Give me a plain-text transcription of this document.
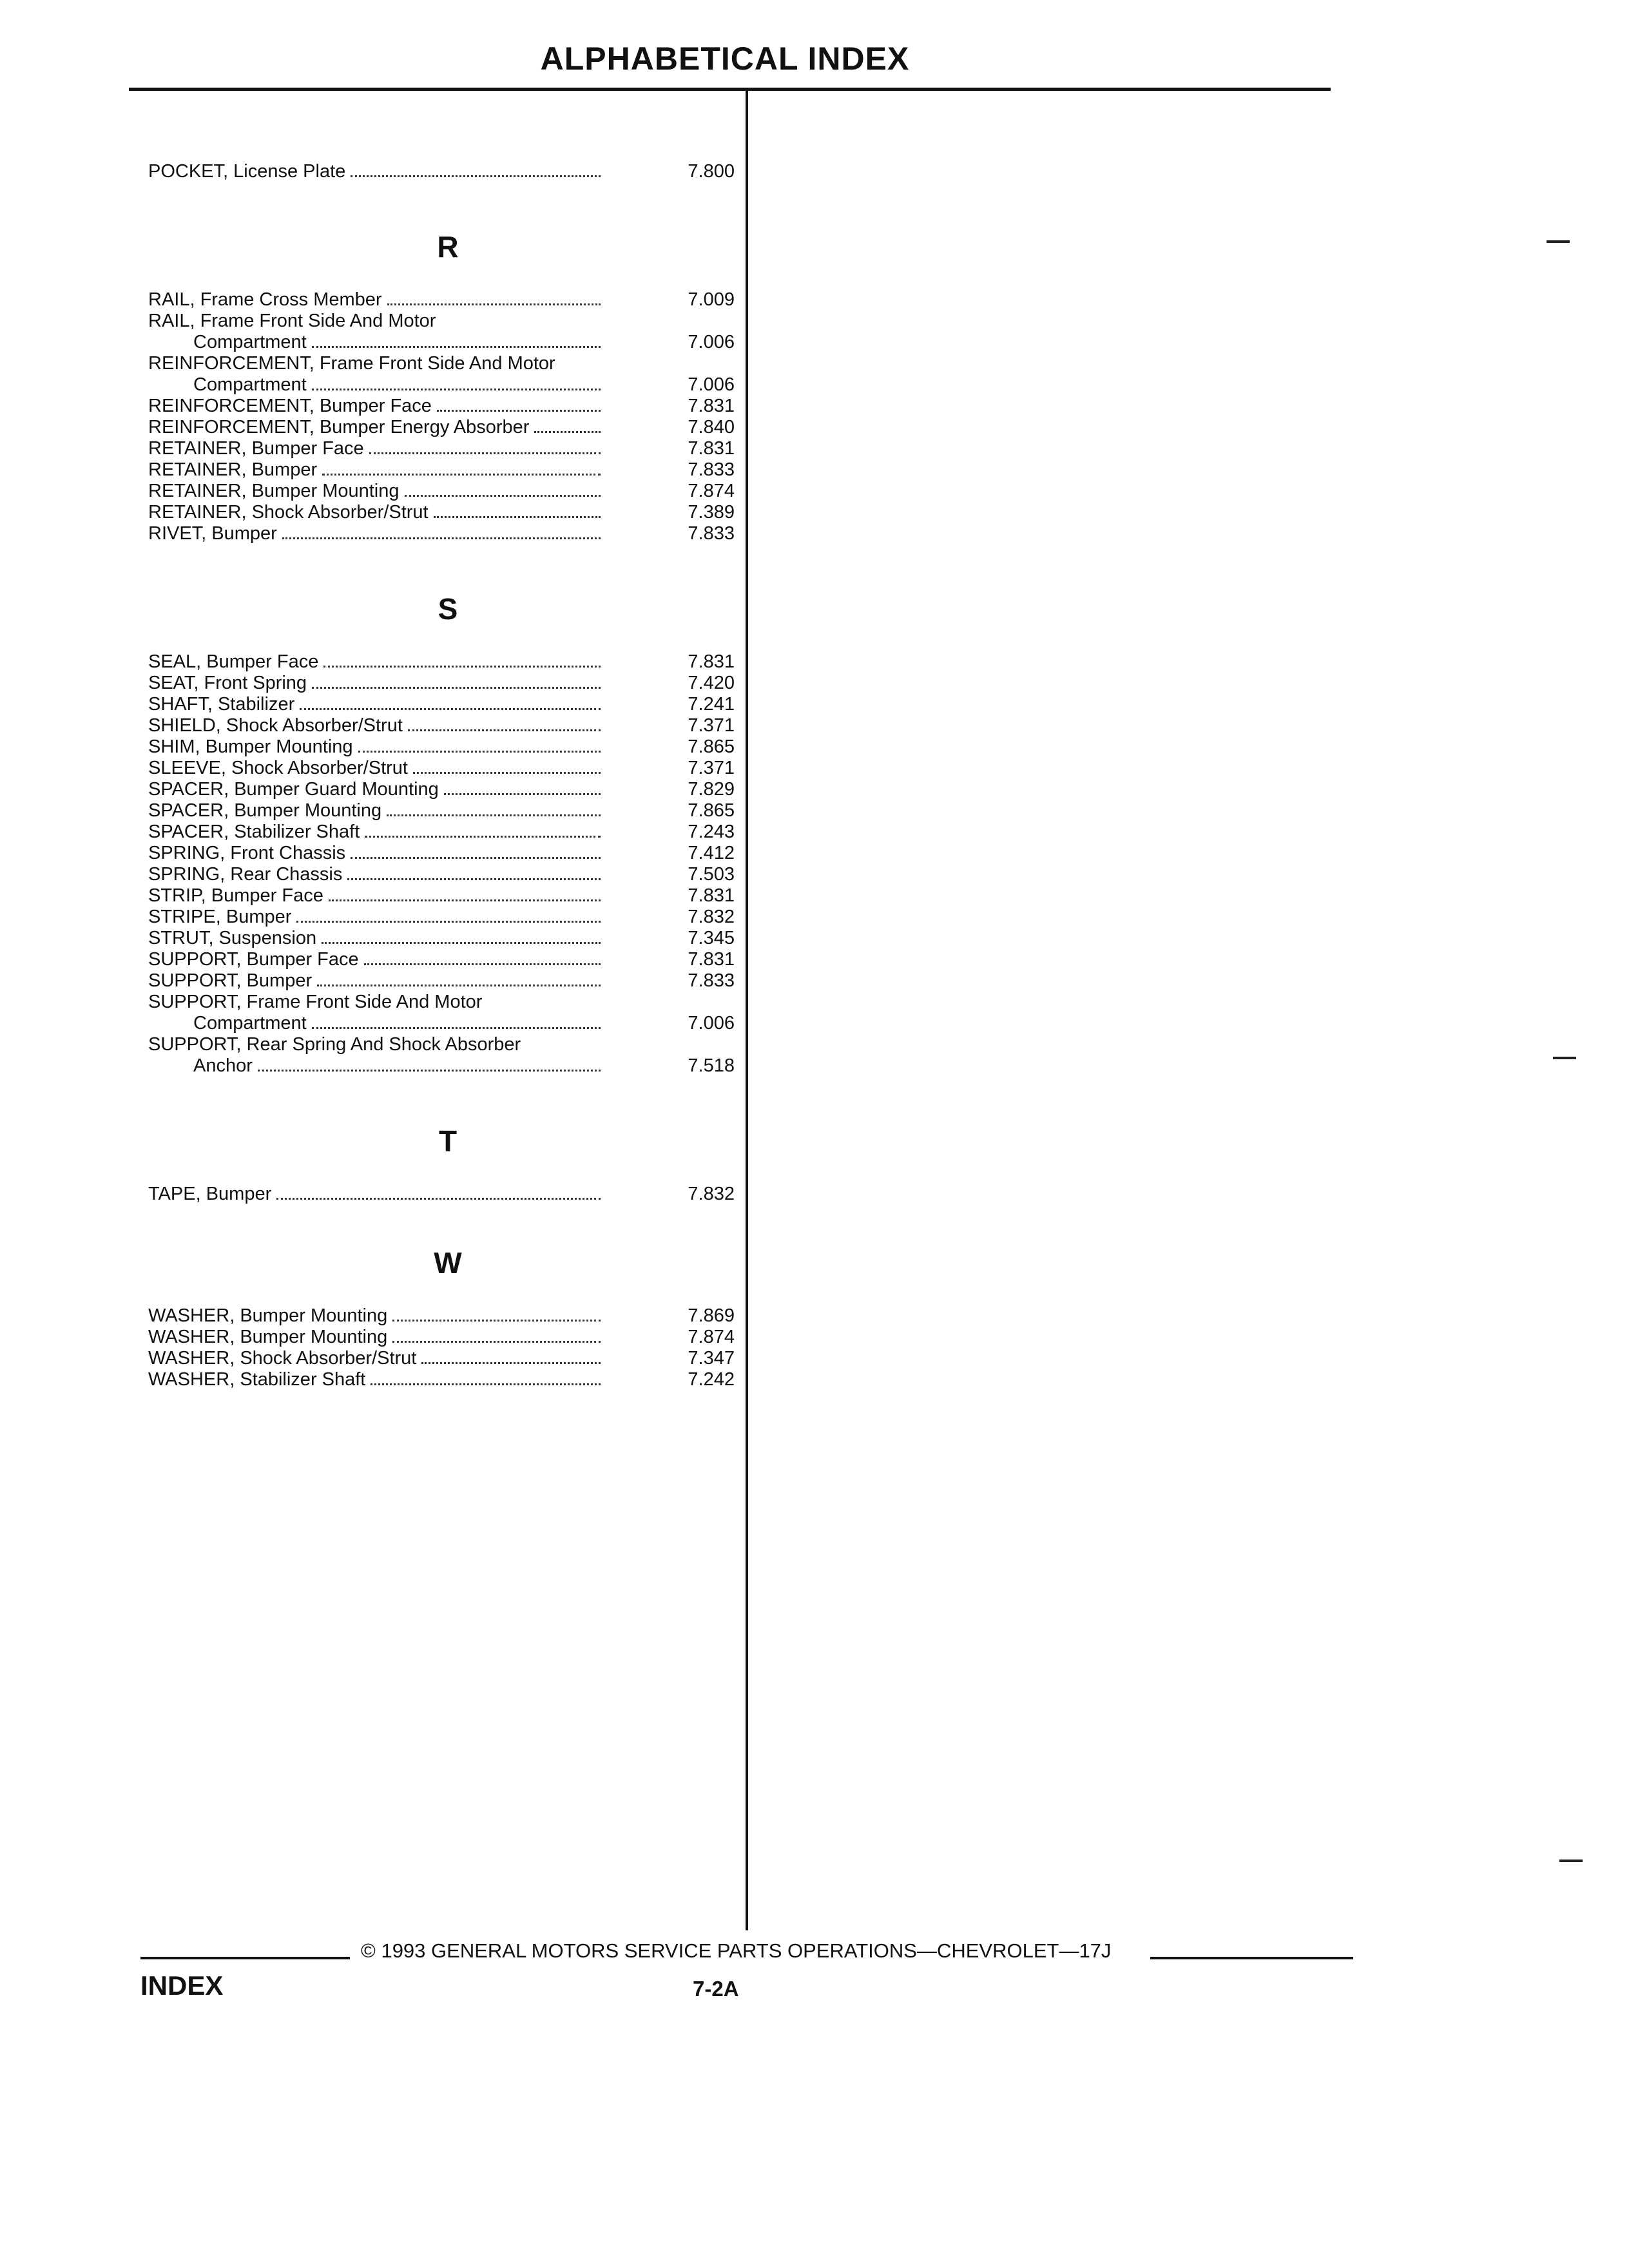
ALPHABETICAL INDEX
POCKET, License Plate	7.800
R
RAIL, Frame Cross Member	7.009
RAIL, Frame Front Side And Motor
Compartment	7.006
REINFORCEMENT, Frame Front Side And Motor
Compartment	7.006
REINFORCEMENT, Bumper Face	7.831
REINFORCEMENT, Bumper Energy Absorber	7.840
RETAINER, Bumper Face	7.831
RETAINER, Bumper	7.833
RETAINER, Bumper Mounting	7.874
RETAINER, Shock Absorber/Strut	7.389
RIVET, Bumper	7.833
S
SEAL, Bumper Face	7.831
SEAT, Front Spring	7.420
SHAFT, Stabilizer	7.241
SHIELD, Shock Absorber/Strut	7.371
SHIM, Bumper Mounting	7.865
SLEEVE, Shock Absorber/Strut	7.371
SPACER, Bumper Guard Mounting	7.829
SPACER, Bumper Mounting	7.865
SPACER, Stabilizer Shaft	7.243
SPRING, Front Chassis	7.412
SPRING, Rear Chassis	7.503
STRIP, Bumper Face	7.831
STRIPE, Bumper	7.832
STRUT, Suspension	7.345
SUPPORT, Bumper Face	7.831
SUPPORT, Bumper	7.833
SUPPORT, Frame Front Side And Motor
Compartment	7.006
SUPPORT, Rear Spring And Shock Absorber
Anchor	7.518
T
TAPE, Bumper	7.832
W
WASHER, Bumper Mounting	7.869
WASHER, Bumper Mounting	7.874
WASHER, Shock Absorber/Strut	7.347
WASHER, Stabilizer Shaft	7.242
© 1993 GENERAL MOTORS SERVICE PARTS OPERATIONS—CHEVROLET—17J
INDEX	7-2A
